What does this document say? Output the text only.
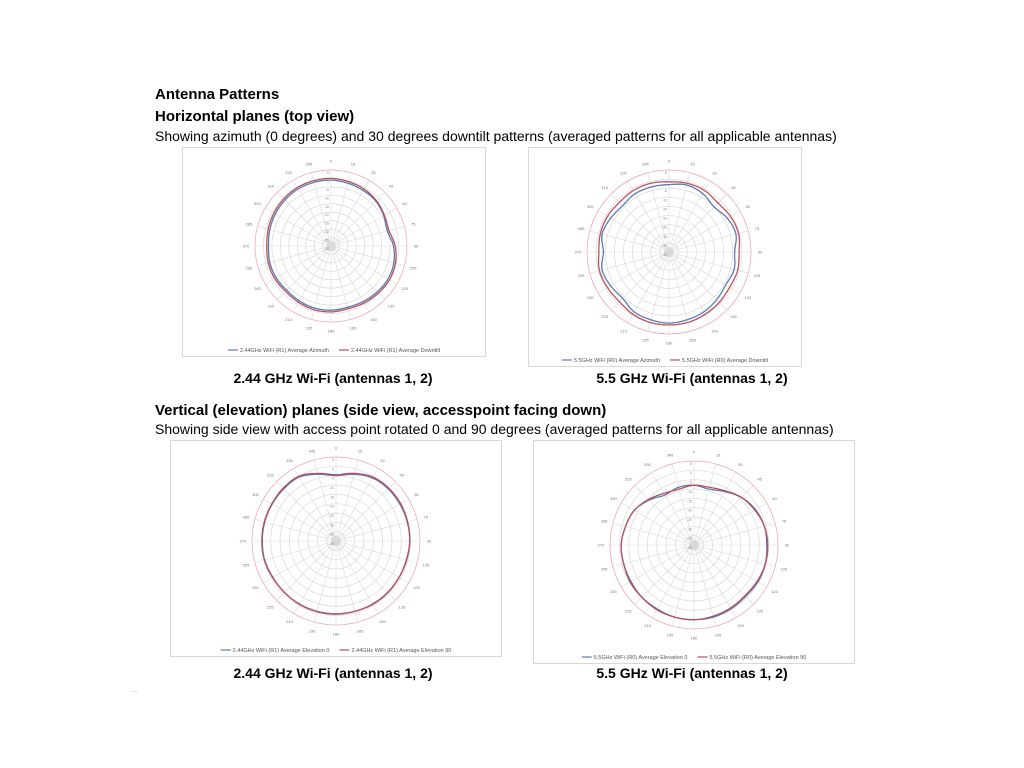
Antenna Patterns
Horizontal planes (top view)
Showing azimuth (0 degrees) and 30 degrees downtilt patterns (averaged patterns for all applicable antennas)
0
15
30
45
60
75
90
105
120
135
150
165
180
195
210
225
240
255
270
285
300
315
330
345
5
0
-5
-10
-15
-20
-25
-30
-35
-40
2.44GHz WiFi (R1) Average Azimuth	2.44GHz WiFi (R1) Average Downtilt
0
15
30
45
60
75
90
105
120
135
150
165
180
195
210
225
240
255
270
285
300
315
330
345
5
0
-5
-10
-15
-20
-25
-30
-35
-40
5.5GHz WiFi (R0) Average Azimuth	5.5GHz WiFi (R0) Average Downtilt
2.44 GHz Wi-Fi (antennas 1, 2)	5.5 GHz Wi-Fi (antennas 1, 2)
Vertical (elevation) planes (side view, accesspoint facing down)
Showing side view with access point rotated 0 and 90 degrees (averaged patterns for all applicable antennas)
0
15
30
45
60
75
90
105
120
135
150
165
180
195
210
225
240
255
270
285
300
315
330
345
5
0
-5
-10
-15
-20
-25
-30
-35
-40
2.44GHz WiFi (R1) Average Elevation 0	2.44GHz WiFi (R1) Average Elevation 90
0
15
30
45
60
75
90
105
120
135
150
165
180
195
210
225
240
255
270
285
300
315
330
345
5
0
-5
-10
-15
-20
-25
-30
-35
-40
5.5GHz WiFi (R0) Average Elevation 0	5.5GHz WiFi (R0) Average Elevation 90
2.44 GHz Wi-Fi (antennas 1, 2)	5.5 GHz Wi-Fi (antennas 1, 2)
...
